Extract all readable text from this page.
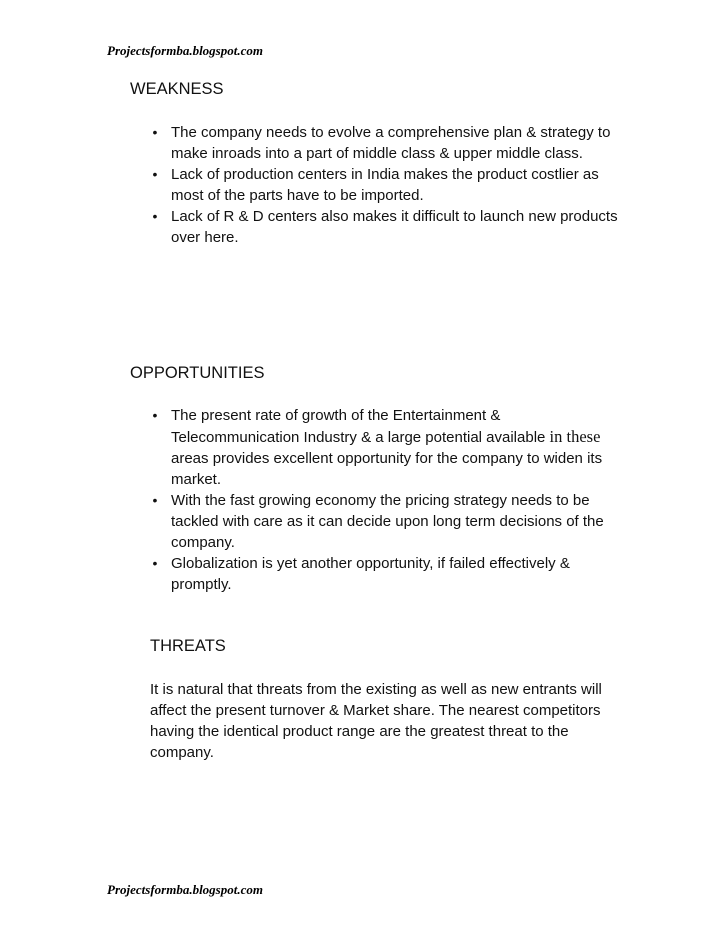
Projectsformba.blogspot.com
WEAKNESS
• The company needs to evolve a comprehensive plan & strategy to make inroads into a part of middle class & upper middle class.
• Lack of production centers in India makes the product costlier as most of the parts have to be imported.
• Lack of R & D centers also makes it difficult to launch new products over here.
OPPORTUNITIES
• The present rate of growth of the Entertainment & Telecommunication Industry & a large potential available in these areas provides excellent opportunity for the company to widen its market.
• With the fast growing economy the pricing strategy needs to be tackled with care as it can decide upon long term decisions of the company.
• Globalization is yet another opportunity, if failed effectively & promptly.
THREATS

It is natural that threats from the existing as well as new entrants will affect the present turnover & Market share. The nearest competitors having the identical product range are the greatest threat to the company.

Projectsformba.blogspot.com
